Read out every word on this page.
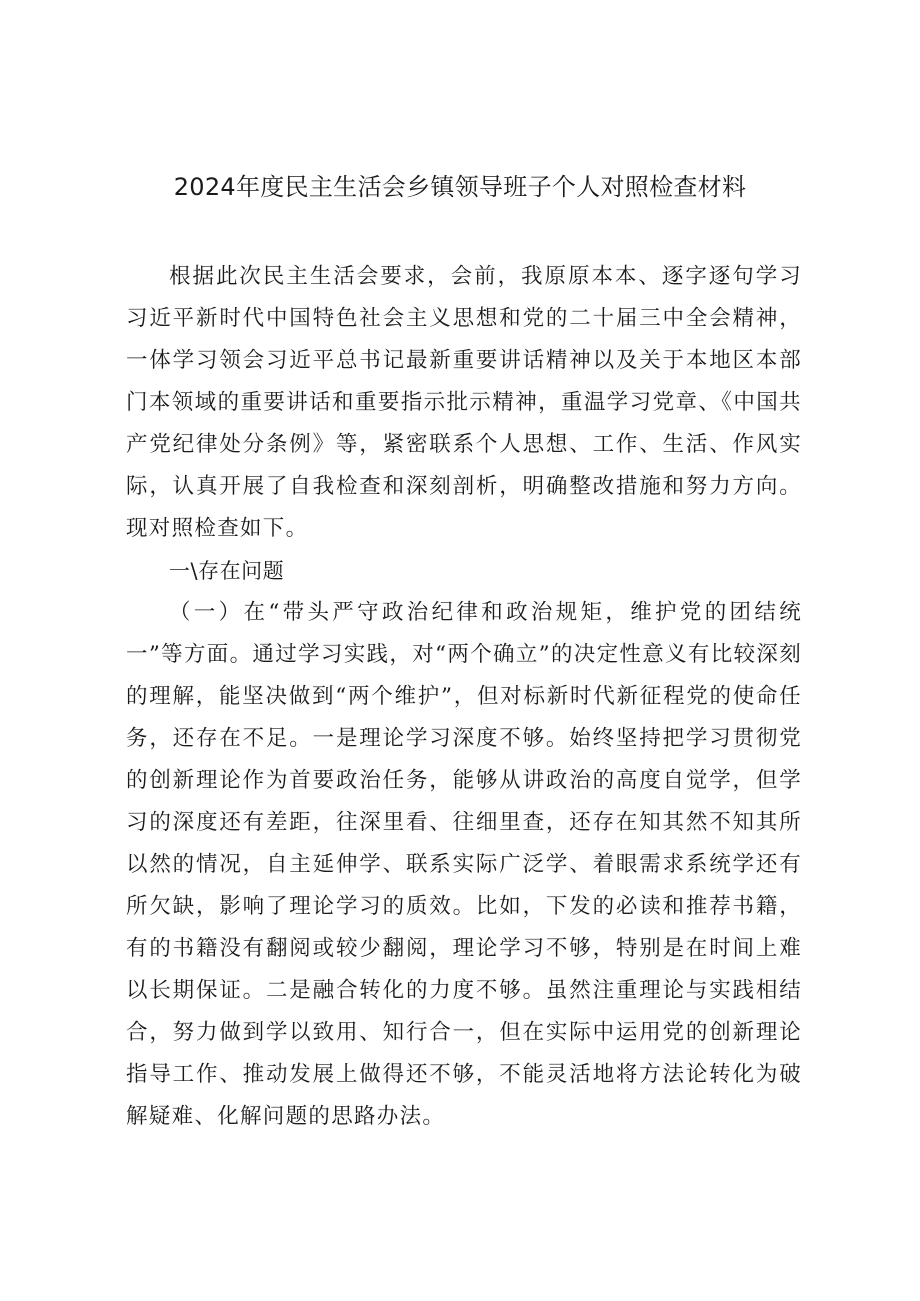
2024年度民主生活会乡镇领导班子个人对照检查材料

根据此次民主生活会要求，会前，我原原本本、逐字逐句学习习近平新时代中国特色社会主义思想和党的二十届三中全会精神，一体学习领会习近平总书记最新重要讲话精神以及关于本地区本部门本领域的重要讲话和重要指示批示精神，重温学习党章、《中国共产党纪律处分条例》等，紧密联系个人思想、工作、生活、作风实际，认真开展了自我检查和深刻剖析，明确整改措施和努力方向。现对照检查如下。

一\存在问题

（一）在“带头严守政治纪律和政治规矩，维护党的团结统一”等方面。通过学习实践，对“两个确立”的决定性意义有比较深刻的理解，能坚决做到“两个维护”，但对标新时代新征程党的使命任务，还存在不足。一是理论学习深度不够。始终坚持把学习贯彻党的创新理论作为首要政治任务，能够从讲政治的高度自觉学，但学习的深度还有差距，往深里看、往细里查，还存在知其然不知其所以然的情况，自主延伸学、联系实际广泛学、着眼需求系统学还有所欠缺，影响了理论学习的质效。比如，下发的必读和推荐书籍，有的书籍没有翻阅或较少翻阅，理论学习不够，特别是在时间上难以长期保证。二是融合转化的力度不够。虽然注重理论与实践相结合，努力做到学以致用、知行合一，但在实际中运用党的创新理论指导工作、推动发展上做得还不够，不能灵活地将方法论转化为破解疑难、化解问题的思路办法。
